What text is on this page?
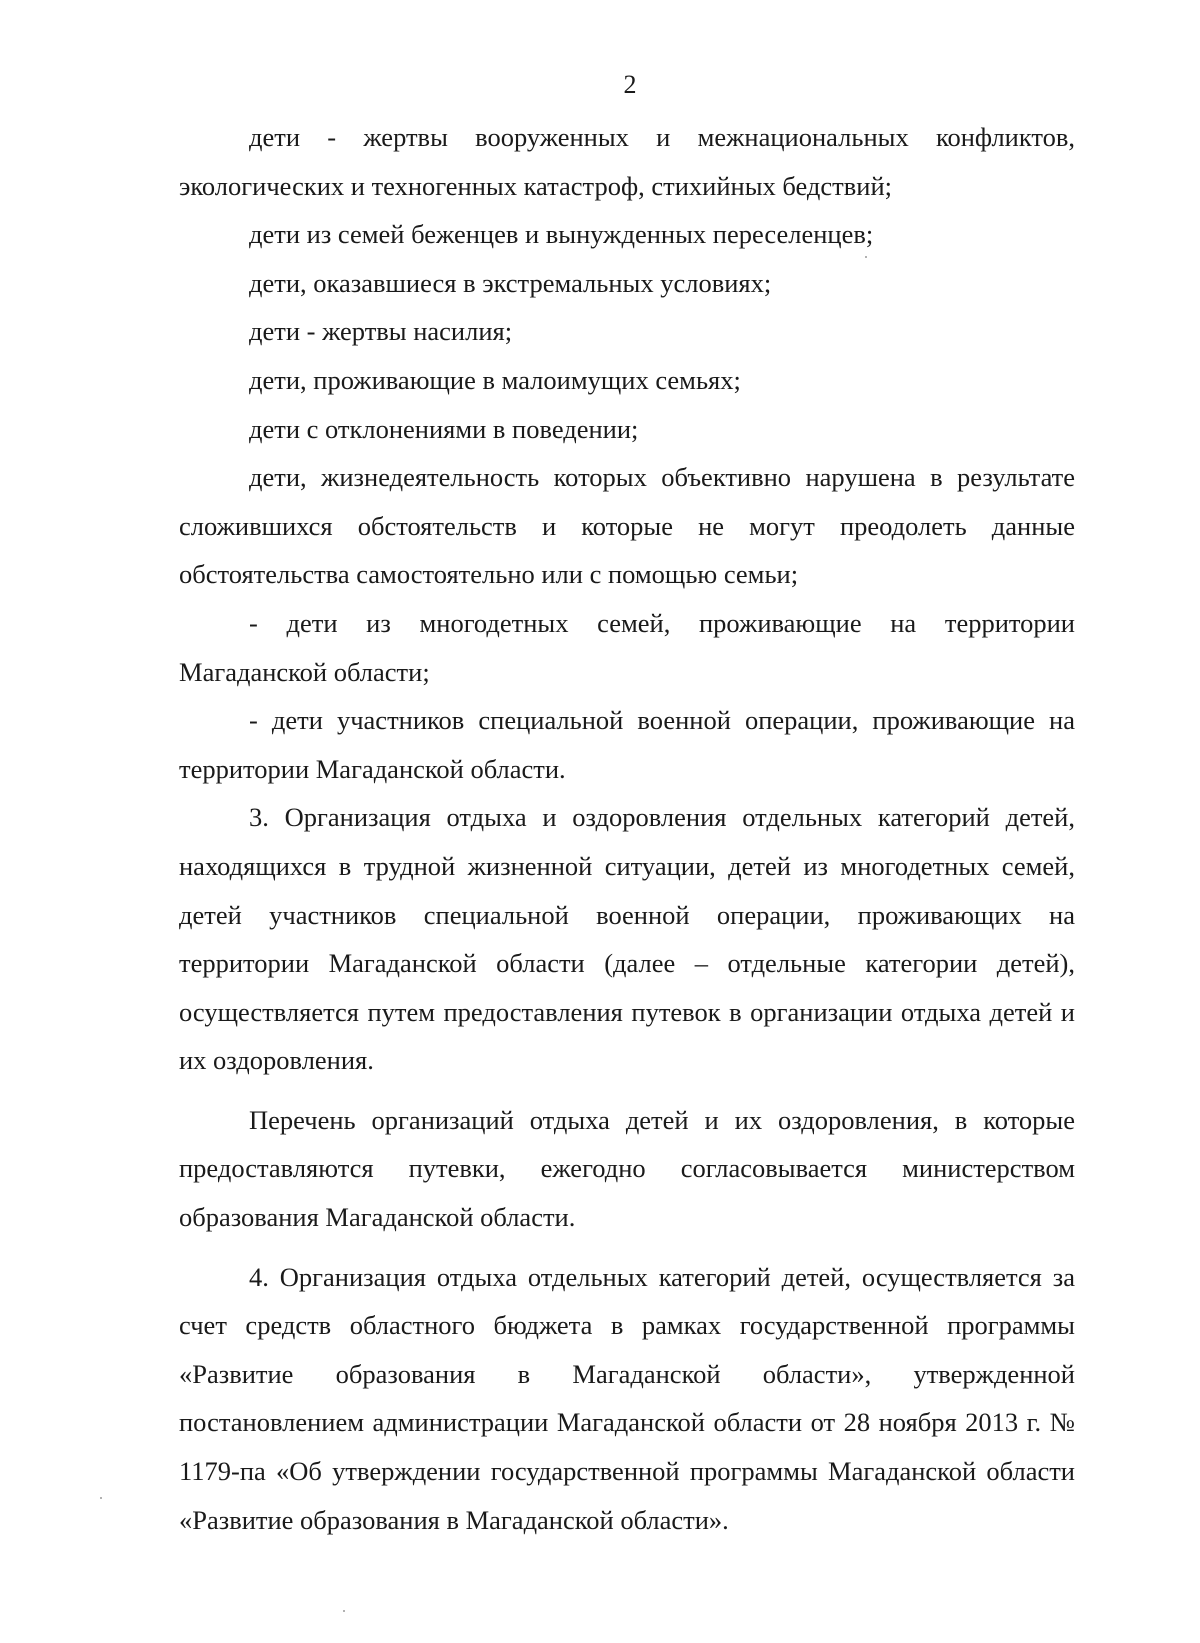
2

дети - жертвы вооруженных и межнациональных конфликтов, экологических и техногенных катастроф, стихийных бедствий;

дети из семей беженцев и вынужденных переселенцев;

дети, оказавшиеся в экстремальных условиях;

дети - жертвы насилия;

дети, проживающие в малоимущих семьях;

дети с отклонениями в поведении;

дети, жизнедеятельность которых объективно нарушена в результате сложившихся обстоятельств и которые не могут преодолеть данные обстоятельства самостоятельно или с помощью семьи;

- дети из многодетных семей, проживающие на территории Магаданской области;

- дети участников специальной военной операции, проживающие на территории Магаданской области.

3. Организация отдыха и оздоровления отдельных категорий детей, находящихся в трудной жизненной ситуации, детей из многодетных семей, детей участников специальной военной операции, проживающих на территории Магаданской области (далее – отдельные категории детей), осуществляется путем предоставления путевок в организации отдыха детей и их оздоровления.

Перечень организаций отдыха детей и их оздоровления, в которые предоставляются путевки, ежегодно согласовывается министерством образования Магаданской области.

4. Организация отдыха отдельных категорий детей, осуществляется за счет средств областного бюджета в рамках государственной программы «Развитие образования в Магаданской области», утвержденной постановлением администрации Магаданской области от 28 ноября 2013 г. № 1179-па «Об утверждении государственной программы Магаданской области «Развитие образования в Магаданской области».
